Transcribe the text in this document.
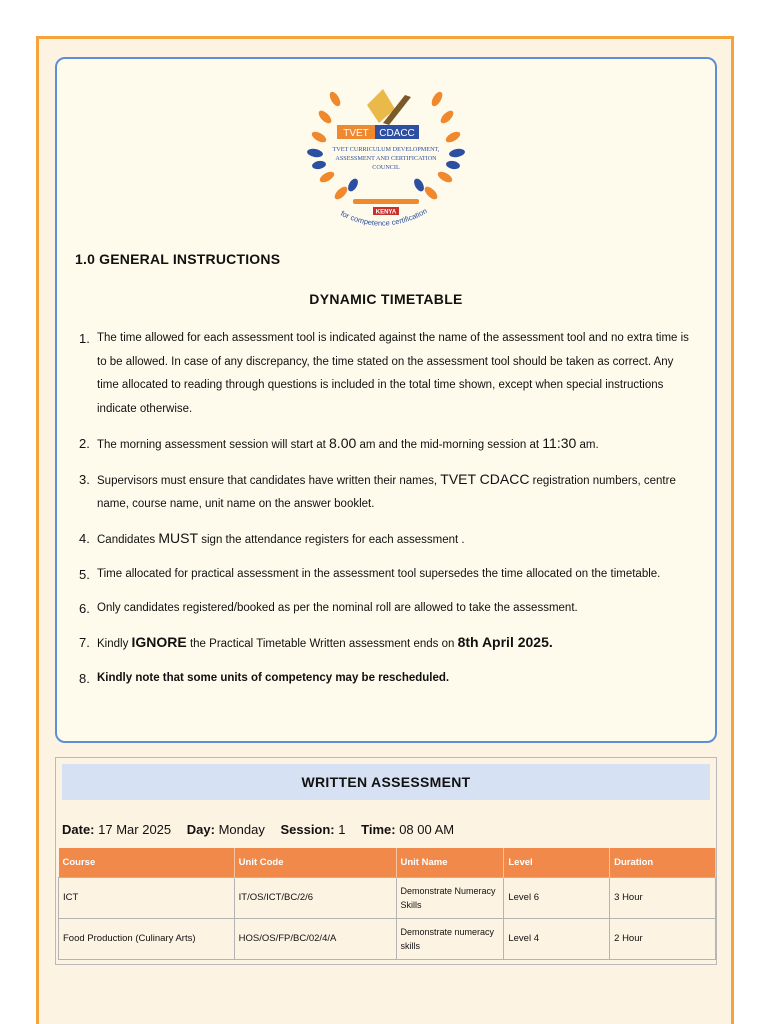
TVET CDACC
TVET CURRICULUM DEVELOPMENT,
ASSESSMENT AND CERTIFICATION
COUNCIL
KENYA
for competence certification
1.0 GENERAL INSTRUCTIONS
DYNAMIC TIMETABLE
1. The time allowed for each assessment tool is indicated against the name of the assessment tool and no extra time is to be allowed. In case of any discrepancy, the time stated on the assessment tool should be taken as correct. Any time allocated to reading through questions is included in the total time shown, except when special instructions indicate otherwise.
2. The morning assessment session will start at 8.00 am and the mid-morning session at 11:30 am.
3. Supervisors must ensure that candidates have written their names, TVET CDACC registration numbers, centre name, course name, unit name on the answer booklet.
4. Candidates MUST sign the attendance registers for each assessment .
5. Time allocated for practical assessment in the assessment tool supersedes the time allocated on the timetable.
6. Only candidates registered/booked as per the nominal roll are allowed to take the assessment.
7. Kindly IGNORE the Practical Timetable Written assessment ends on 8th April 2025.
8. Kindly note that some units of competency may be rescheduled.
WRITTEN ASSESSMENT
Date: 17 Mar 2025 Day: Monday Session: 1 Time: 08 00 AM
Course	Unit Code	Unit Name	Level	Duration
ICT	IT/OS/ICT/BC/2/6	Demonstrate Numeracy Skills	Level 6	3 Hour
Food Production (Culinary Arts)	HOS/OS/FP/BC/02/4/A	Demonstrate numeracy skills	Level 4	2 Hour
